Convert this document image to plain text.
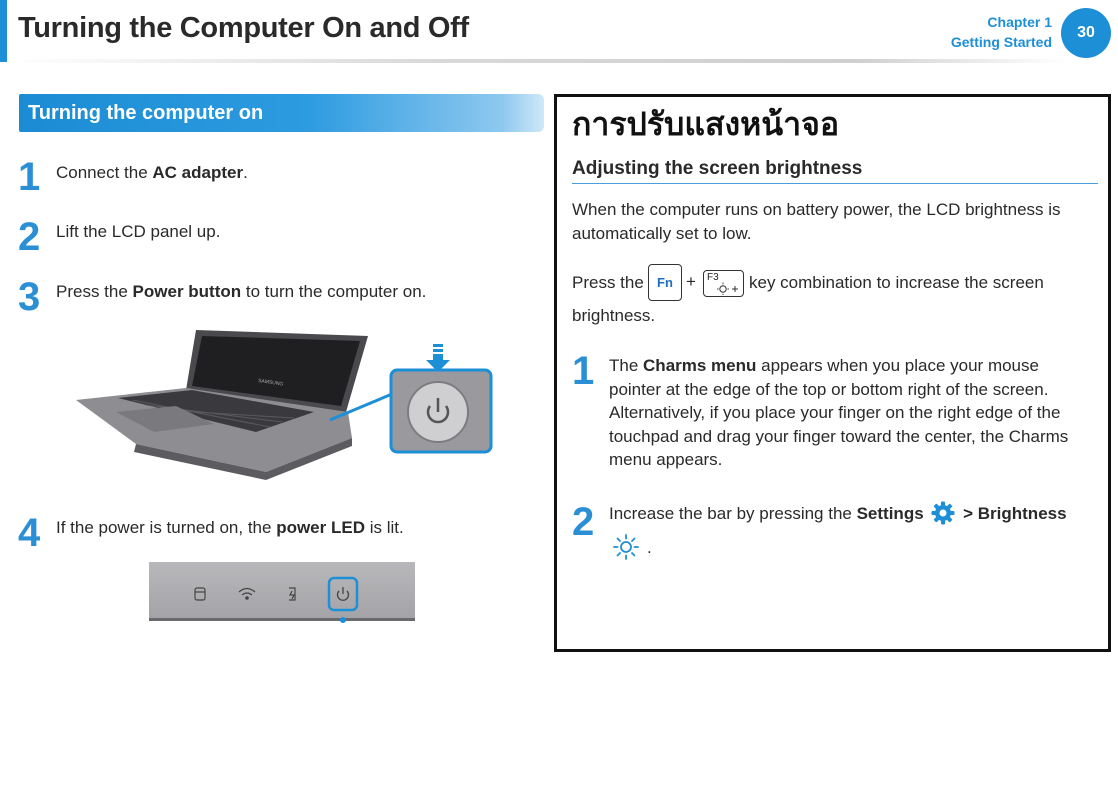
Turning the Computer On and Off	Chapter 1
Getting Started
30
Turning the computer on
1 Connect the AC adapter.
2 Lift the LCD panel up.
3 Press the Power button to turn the computer on.
SAMSUNG
4 If the power is turned on, the power LED is lit.
การปรับแสงหน้าจอ
Adjusting the screen brightness
When the computer runs on battery power, the LCD brightness is
automatically set to low.
Press the	Fn + F3 key combination to increase the screen
brightness.
1 The Charms menu appears when you place your mouse
pointer at the edge of the top or bottom right of the screen.
Alternatively, if you place your finger on the right edge of the
touchpad and drag your finger toward the center, the Charms
menu appears.
2 Increase the bar by pressing the Settings  > Brightness
.
